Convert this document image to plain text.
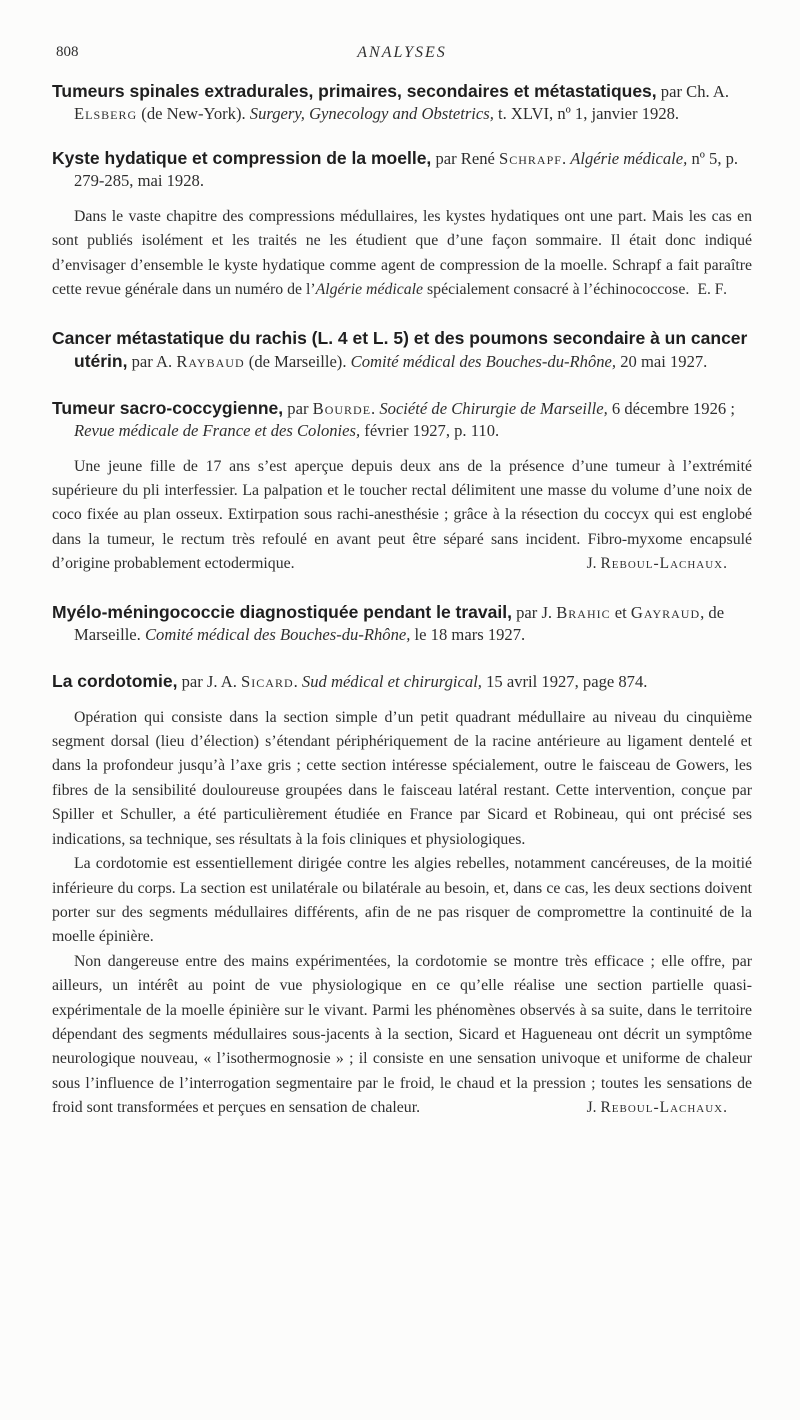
808	ANALYSES

Tumeurs spinales extradurales, primaires, secondaires et métastatiques, par Ch. A. Elsberg (de New-York). Surgery, Gynecology and Obstetrics, t. XLVI, nº 1, janvier 1928.

Kyste hydatique et compression de la moelle, par René Schrapf. Algérie médicale, nº 5, p. 279-285, mai 1928.

Dans le vaste chapitre des compressions médullaires, les kystes hydatiques ont une part. Mais les cas en sont publiés isolément et les traités ne les étudient que d’une façon sommaire. Il était donc indiqué d’envisager d’ensemble le kyste hydatique comme agent de compression de la moelle. Schrapf a fait paraître cette revue générale dans un numéro de l’Algérie médicale spécialement consacré à l’échinococcose. E. F.

Cancer métastatique du rachis (L. 4 et L. 5) et des poumons secondaire à un cancer utérin, par A. Raybaud (de Marseille). Comité médical des Bouches-du-Rhône, 20 mai 1927.

Tumeur sacro-coccygienne, par Bourde. Société de Chirurgie de Marseille, 6 décembre 1926 ; Revue médicale de France et des Colonies, février 1927, p. 110.

Une jeune fille de 17 ans s’est aperçue depuis deux ans de la présence d’une tumeur à l’extrémité supérieure du pli interfessier. La palpation et le toucher rectal délimitent une masse du volume d’une noix de coco fixée au plan osseux. Extirpation sous rachi-anesthésie ; grâce à la résection du coccyx qui est englobé dans la tumeur, le rectum très refoulé en avant peut être séparé sans incident. Fibro-myxome encapsulé d’origine probablement ectodermique.	J. Reboul-Lachaux.

Myélo-méningococcie diagnostiquée pendant le travail, par J. Brahic et Gayraud, de Marseille. Comité médical des Bouches-du-Rhône, le 18 mars 1927.

La cordotomie, par J. A. Sicard. Sud médical et chirurgical, 15 avril 1927, page 874.

Opération qui consiste dans la section simple d’un petit quadrant médullaire au niveau du cinquième segment dorsal (lieu d’élection) s’étendant périphériquement de la racine antérieure au ligament dentelé et dans la profondeur jusqu’à l’axe gris ; cette section intéresse spécialement, outre le faisceau de Gowers, les fibres de la sensibilité douloureuse groupées dans le faisceau latéral restant. Cette intervention, conçue par Spiller et Schuller, a été particulièrement étudiée en France par Sicard et Robineau, qui ont précisé ses indications, sa technique, ses résultats à la fois cliniques et physiologiques.

La cordotomie est essentiellement dirigée contre les algies rebelles, notamment cancéreuses, de la moitié inférieure du corps. La section est unilatérale ou bilatérale au besoin, et, dans ce cas, les deux sections doivent porter sur des segments médullaires différents, afin de ne pas risquer de compromettre la continuité de la moelle épinière.

Non dangereuse entre des mains expérimentées, la cordotomie se montre très efficace ; elle offre, par ailleurs, un intérêt au point de vue physiologique en ce qu’elle réalise une section partielle quasi-expérimentale de la moelle épinière sur le vivant. Parmi les phénomènes observés à sa suite, dans le territoire dépendant des segments médullaires sous-jacents à la section, Sicard et Hagueneau ont décrit un symptôme neurologique nouveau, « l’isothermognosie » ; il consiste en une sensation univoque et uniforme de chaleur sous l’influence de l’interrogation segmentaire par le froid, le chaud et la pression ; toutes les sensations de froid sont transformées et perçues en sensation de chaleur.	J. Reboul-Lachaux.
